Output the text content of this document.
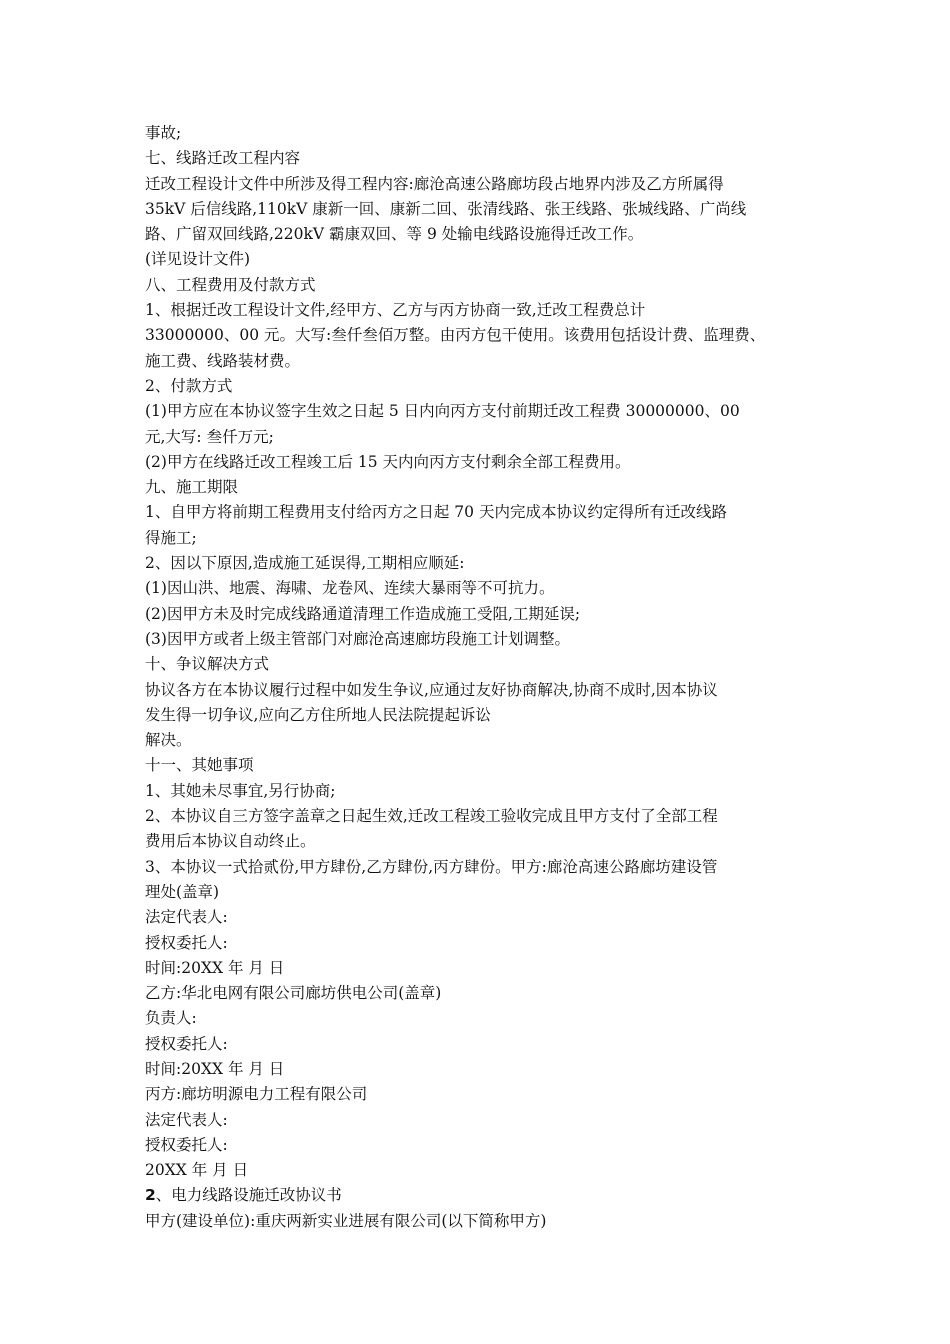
事故;
七、线路迁改工程内容
迁改工程设计文件中所涉及得工程内容:廊沧高速公路廊坊段占地界内涉及乙方所属得
35kV 后信线路,110kV 康新一回、康新二回、张清线路、张王线路、张城线路、广尚线
路、广留双回线路,220kV 霸康双回、等 9 处输电线路设施得迁改工作。
(详见设计文件)
八、工程费用及付款方式
1、根据迁改工程设计文件,经甲方、乙方与丙方协商一致,迁改工程费总计
33000000、00 元。大写:叁仟叁佰万整。由丙方包干使用。该费用包括设计费、监理费、
施工费、线路装材费。
2、付款方式
(1)甲方应在本协议签字生效之日起 5 日内向丙方支付前期迁改工程费 30000000、00
元,大写: 叁仟万元;
(2)甲方在线路迁改工程竣工后 15 天内向丙方支付剩余全部工程费用。
九、施工期限
1、自甲方将前期工程费用支付给丙方之日起 70 天内完成本协议约定得所有迁改线路
得施工;
2、因以下原因,造成施工延误得,工期相应顺延:
(1)因山洪、地震、海啸、龙卷风、连续大暴雨等不可抗力。
(2)因甲方未及时完成线路通道清理工作造成施工受阻,工期延误;
(3)因甲方或者上级主管部门对廊沧高速廊坊段施工计划调整。
十、争议解决方式
协议各方在本协议履行过程中如发生争议,应通过友好协商解决,协商不成时,因本协议
发生得一切争议,应向乙方住所地人民法院提起诉讼
解决。
十一、其她事项
1、其她未尽事宜,另行协商;
2、本协议自三方签字盖章之日起生效,迁改工程竣工验收完成且甲方支付了全部工程
费用后本协议自动终止。
3、本协议一式拾贰份,甲方肆份,乙方肆份,丙方肆份。甲方:廊沧高速公路廊坊建设管
理处(盖章)
法定代表人:
授权委托人:
时间:20XX 年 月 日
乙方:华北电网有限公司廊坊供电公司(盖章)
负责人:
授权委托人:
时间:20XX 年 月 日
丙方:廊坊明源电力工程有限公司
法定代表人:
授权委托人:
20XX 年 月 日
2、电力线路设施迁改协议书
甲方(建设单位):重庆两新实业进展有限公司(以下简称甲方)
